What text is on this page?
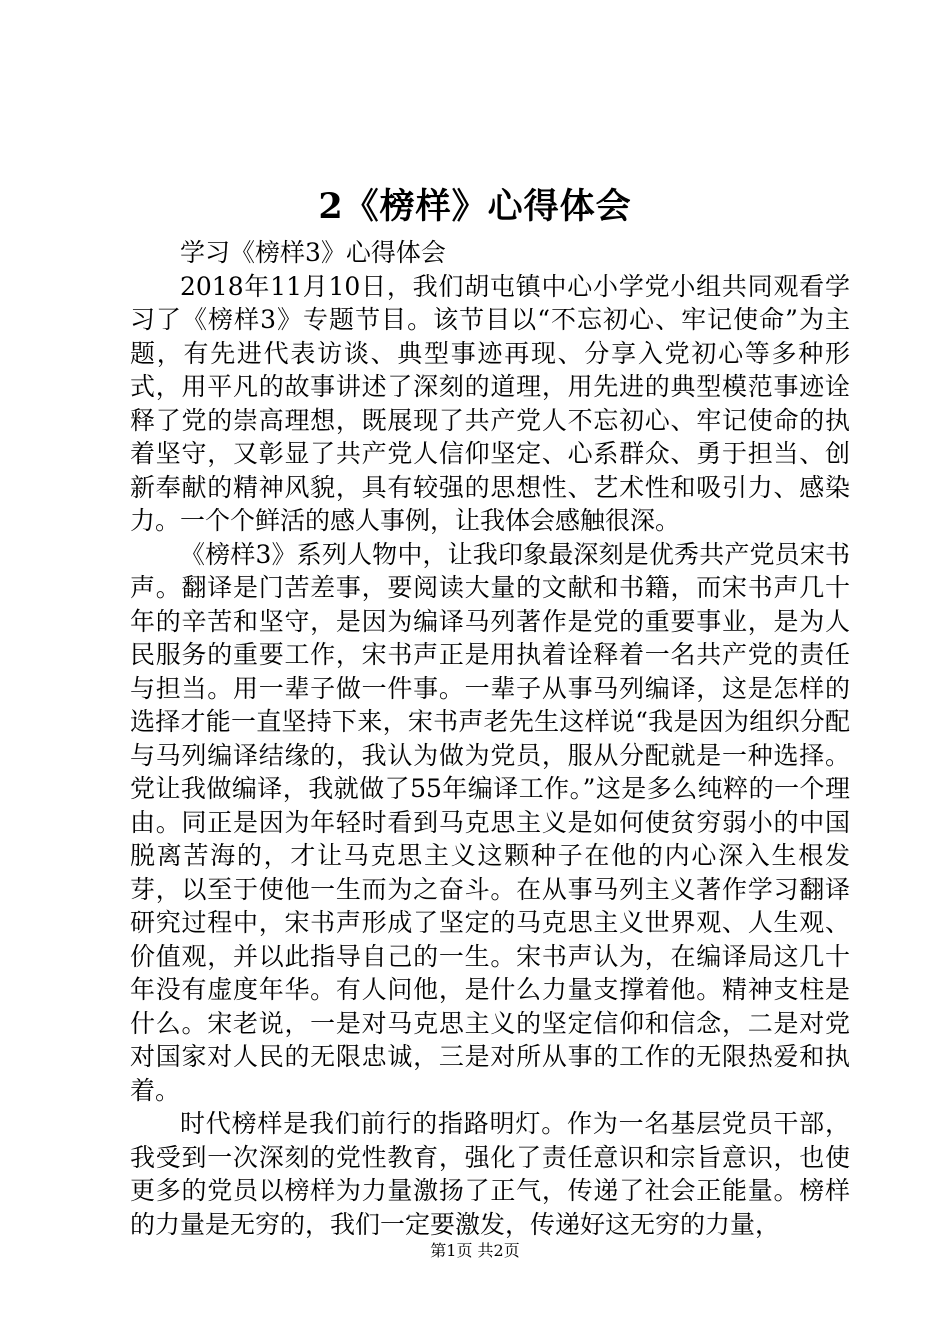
2《榜样》心得体会
学习《榜样3》心得体会

2018年11月10日，我们胡屯镇中心小学党小组共同观看学习了《榜样3》专题节目。该节目以“不忘初心、牢记使命”为主题，有先进代表访谈、典型事迹再现、分享入党初心等多种形式，用平凡的故事讲述了深刻的道理，用先进的典型模范事迹诠释了党的崇高理想，既展现了共产党人不忘初心、牢记使命的执着坚守，又彰显了共产党人信仰坚定、心系群众、勇于担当、创新奉献的精神风貌，具有较强的思想性、艺术性和吸引力、感染力。一个个鲜活的感人事例，让我体会感触很深。

《榜样3》系列人物中，让我印象最深刻是优秀共产党员宋书声。翻译是门苦差事，要阅读大量的文献和书籍，而宋书声几十年的辛苦和坚守，是因为编译马列著作是党的重要事业，是为人民服务的重要工作，宋书声正是用执着诠释着一名共产党的责任与担当。用一辈子做一件事。一辈子从事马列编译，这是怎样的选择才能一直坚持下来，宋书声老先生这样说“我是因为组织分配与马列编译结缘的，我认为做为党员，服从分配就是一种选择。党让我做编译，我就做了55年编译工作。”这是多么纯粹的一个理由。同正是因为年轻时看到马克思主义是如何使贫穷弱小的中国脱离苦海的，才让马克思主义这颗种子在他的内心深入生根发芽，以至于使他一生而为之奋斗。在从事马列主义著作学习翻译研究过程中，宋书声形成了坚定的马克思主义世界观、人生观、价值观，并以此指导自己的一生。宋书声认为，在编译局这几十年没有虚度年华。有人问他，是什么力量支撑着他。精神支柱是什么。宋老说，一是对马克思主义的坚定信仰和信念，二是对党对国家对人民的无限忠诚，三是对所从事的工作的无限热爱和执着。

时代榜样是我们前行的指路明灯。作为一名基层党员干部，我受到一次深刻的党性教育，强化了责任意识和宗旨意识，也使更多的党员以榜样为力量激扬了正气，传递了社会正能量。榜样的力量是无穷的，我们一定要激发，传递好这无穷的力量，

第1页 共2页
